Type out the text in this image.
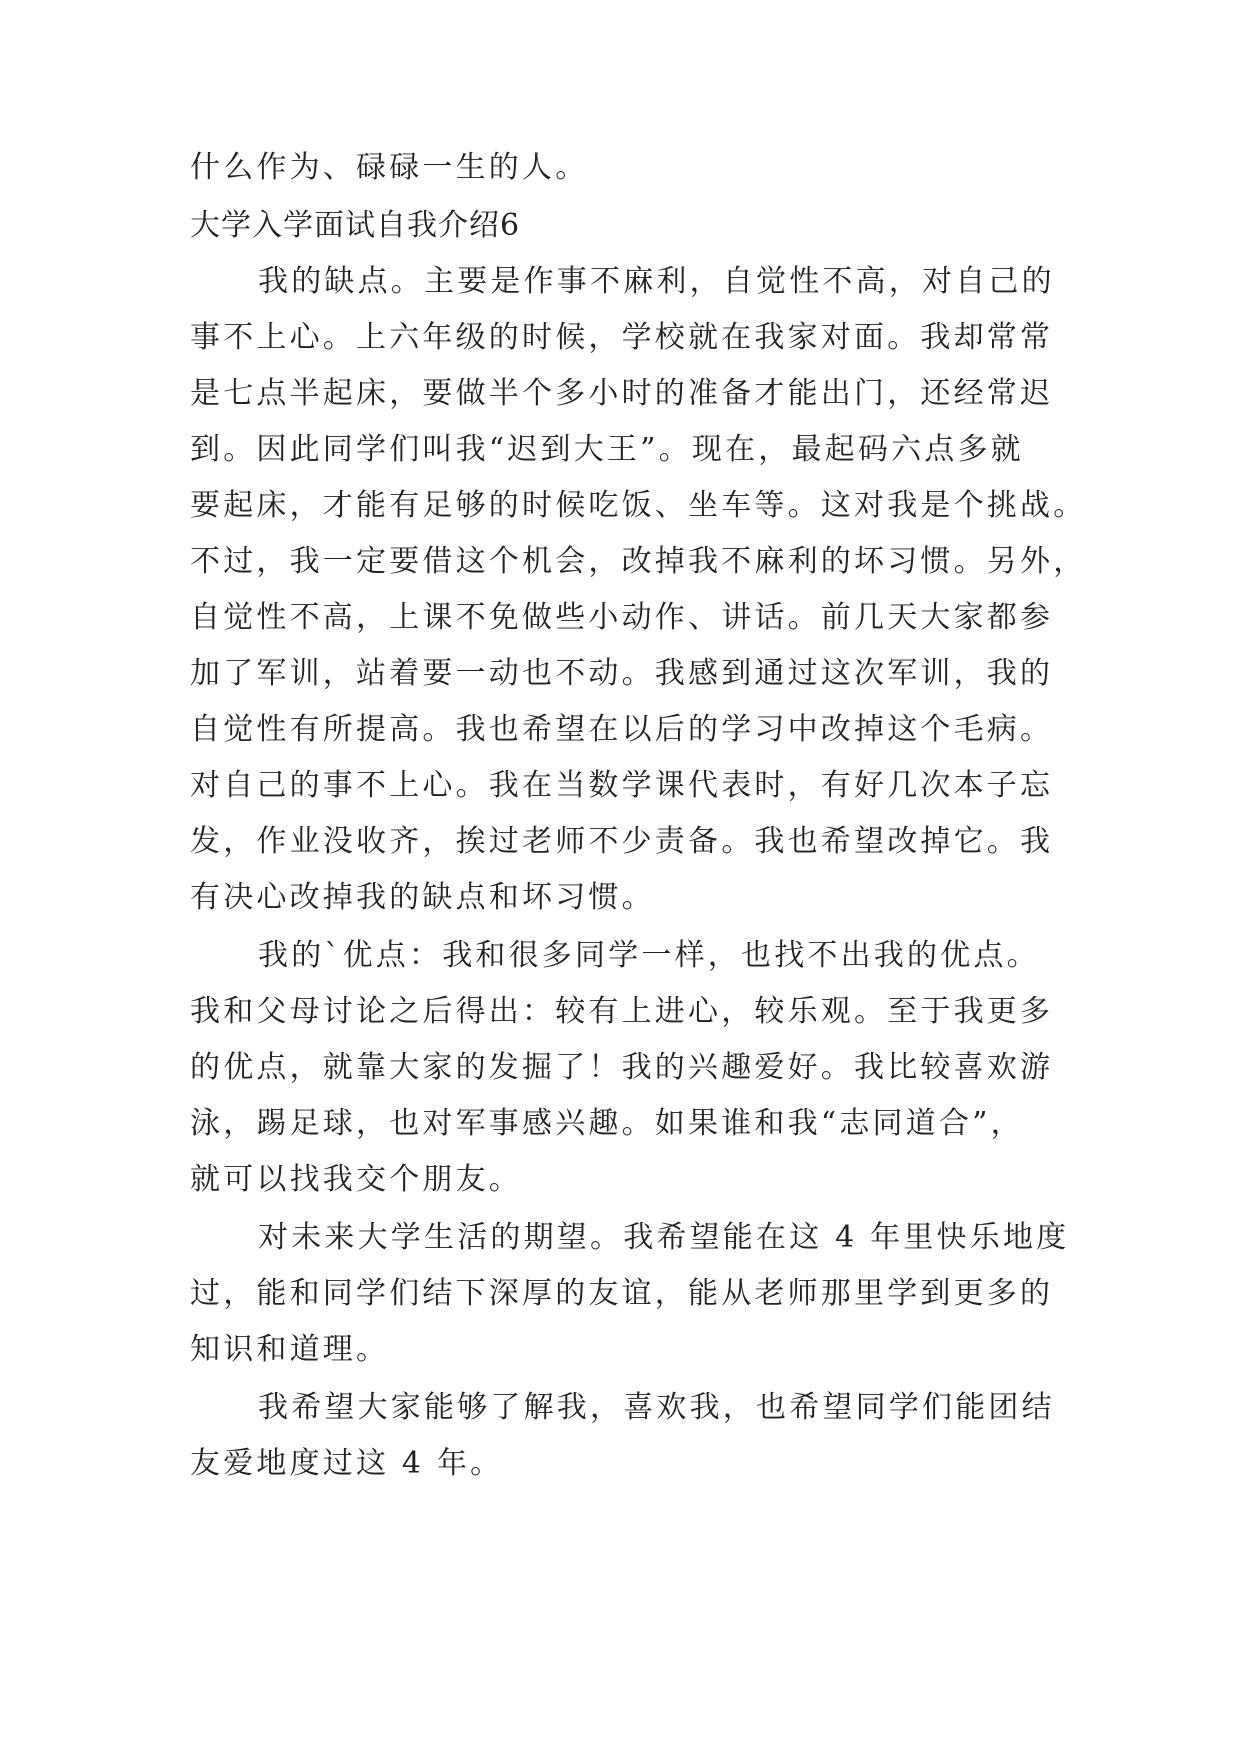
什么作为、碌碌一生的人。

大学入学面试自我介绍6

我的缺点。主要是作事不麻利，自觉性不高，对自己的

事不上心。上六年级的时候，学校就在我家对面。我却常常

是七点半起床，要做半个多小时的准备才能出门，还经常迟

到。因此同学们叫我“迟到大王”。现在，最起码六点多就

要起床，才能有足够的时候吃饭、坐车等。这对我是个挑战。

不过，我一定要借这个机会，改掉我不麻利的坏习惯。另外，

自觉性不高，上课不免做些小动作、讲话。前几天大家都参

加了军训，站着要一动也不动。我感到通过这次军训，我的

自觉性有所提高。我也希望在以后的学习中改掉这个毛病。

对自己的事不上心。我在当数学课代表时，有好几次本子忘

发，作业没收齐，挨过老师不少责备。我也希望改掉它。我

有决心改掉我的缺点和坏习惯。

我的`优点：我和很多同学一样，也找不出我的优点。

我和父母讨论之后得出：较有上进心，较乐观。至于我更多

的优点，就靠大家的发掘了！我的兴趣爱好。我比较喜欢游

泳，踢足球，也对军事感兴趣。如果谁和我“志同道合”，

就可以找我交个朋友。

对未来大学生活的期望。我希望能在这 4 年里快乐地度

过，能和同学们结下深厚的友谊，能从老师那里学到更多的

知识和道理。

我希望大家能够了解我，喜欢我，也希望同学们能团结

友爱地度过这 4 年。
